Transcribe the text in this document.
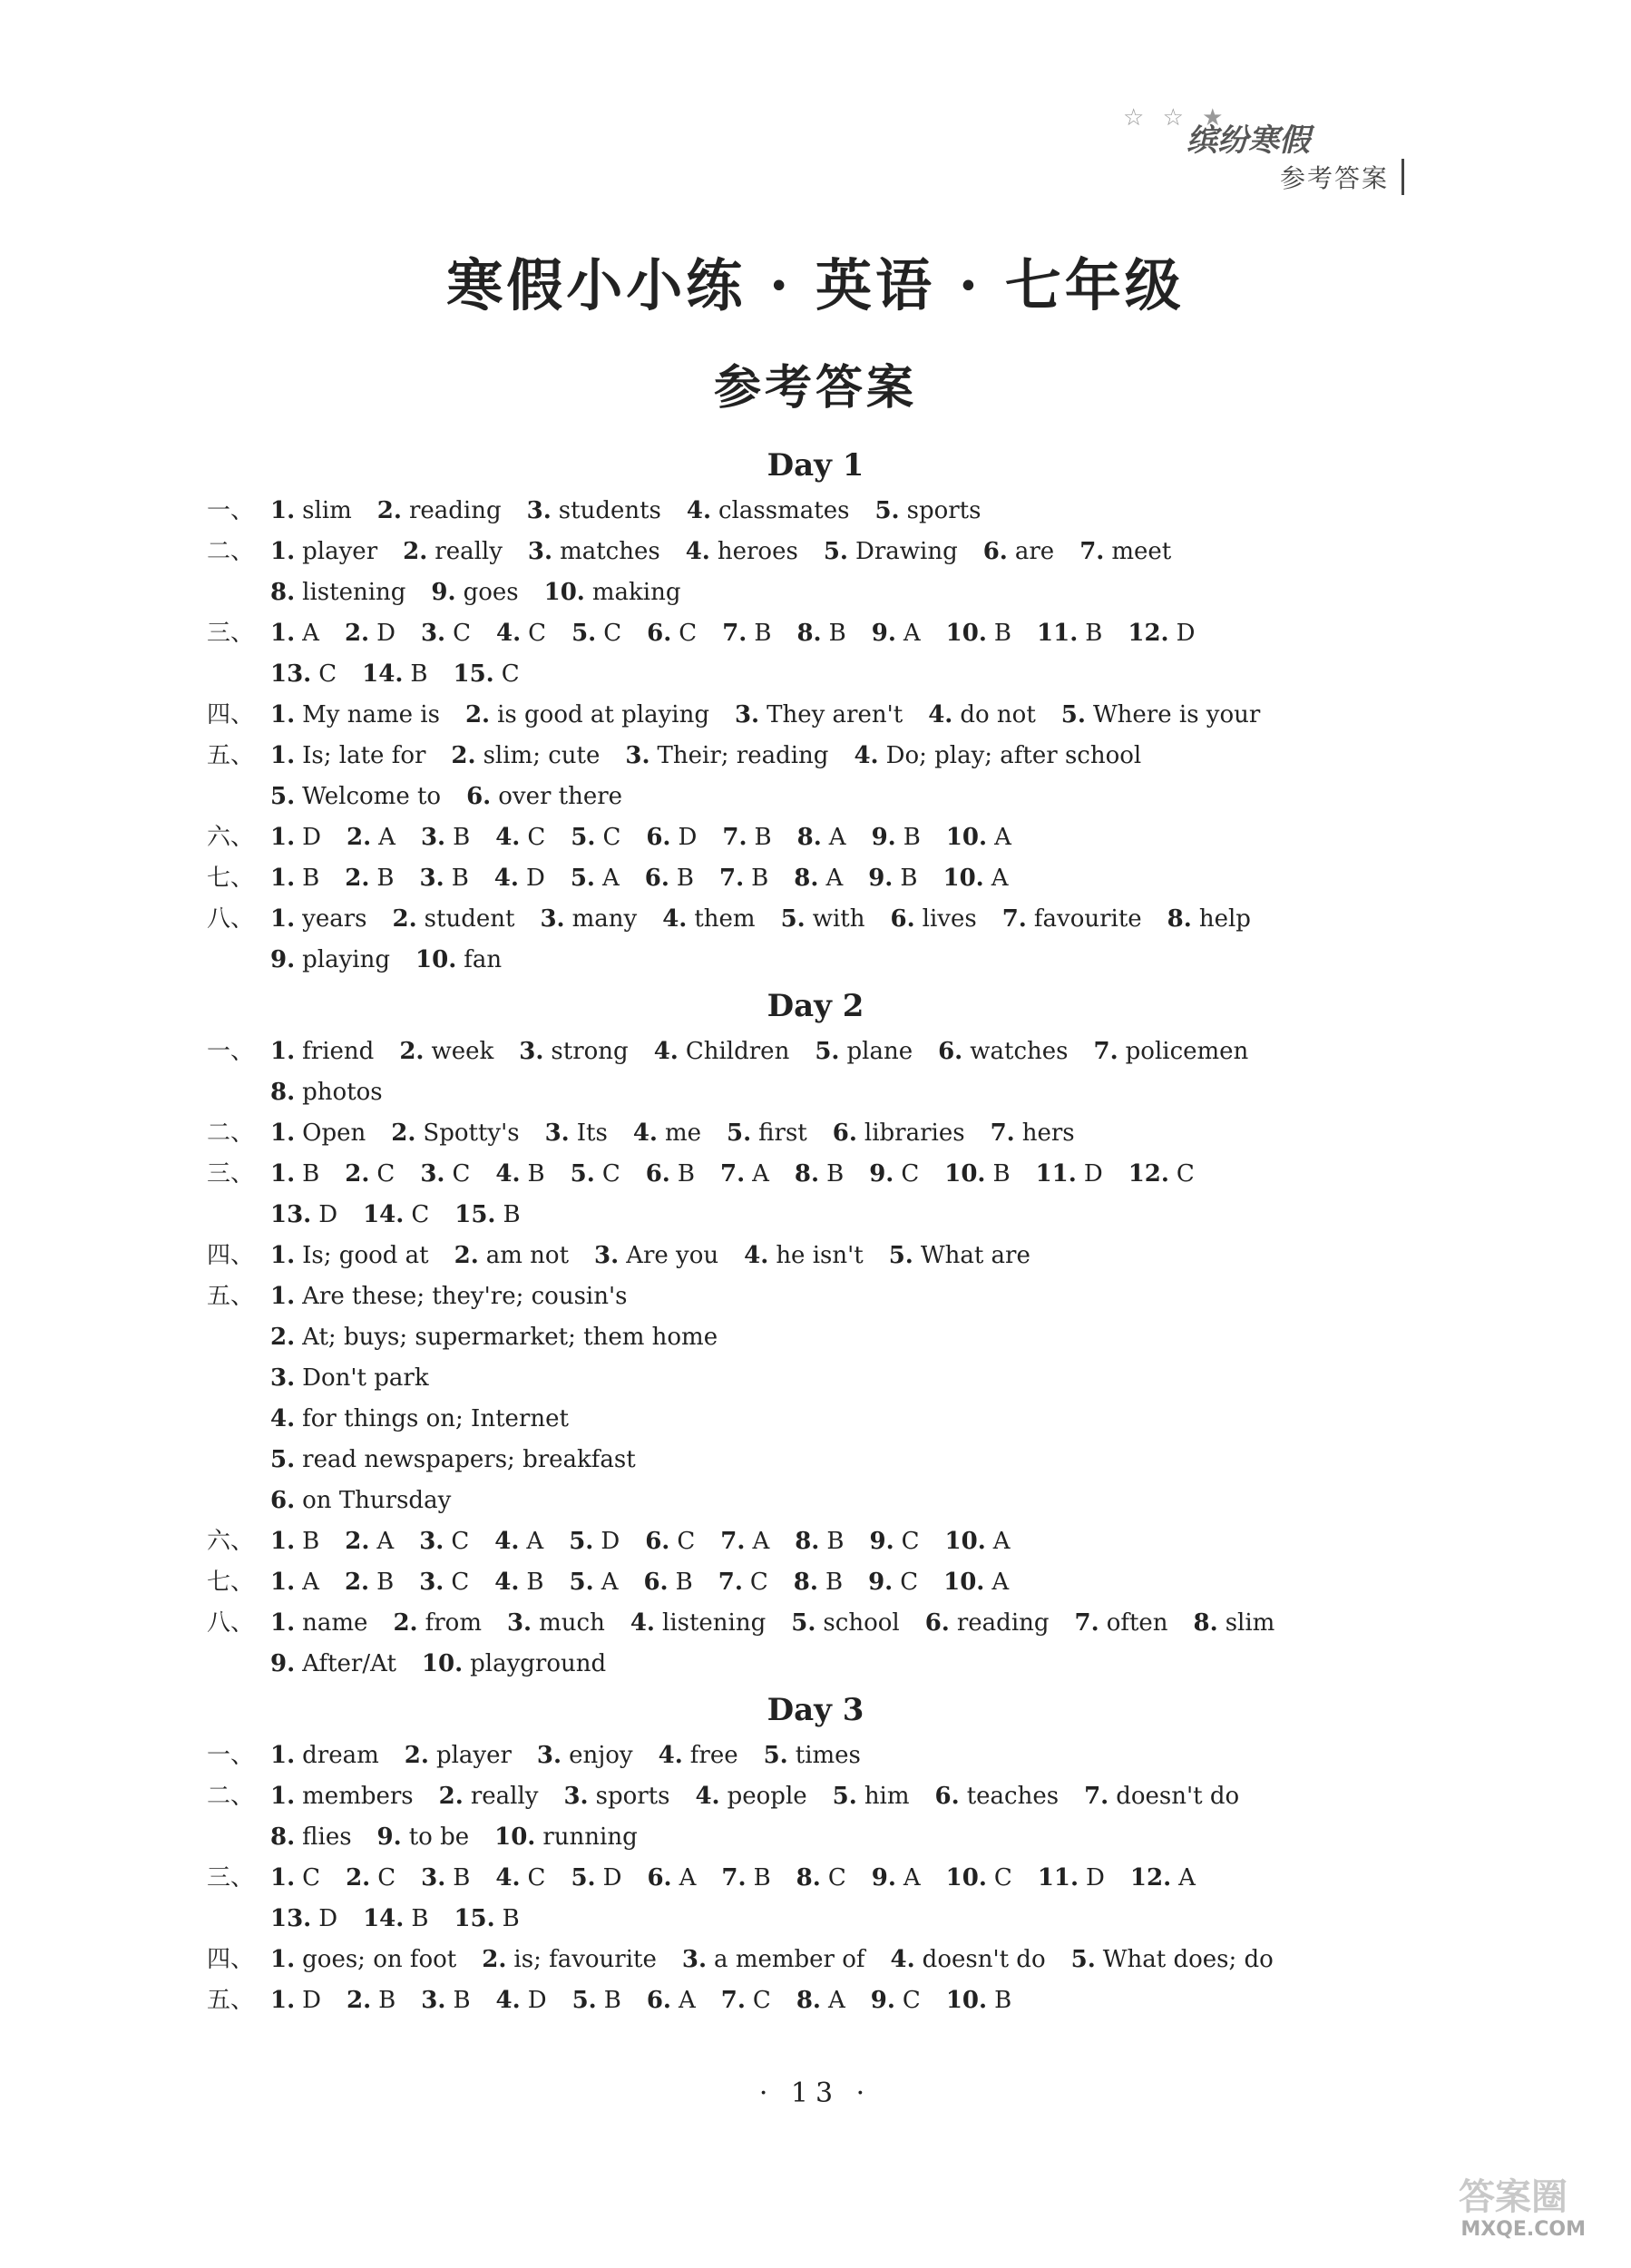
☆ ☆ ★
缤纷寒假
参考答案
寒假小小练 · 英语 · 七年级
参考答案
Day 1
一、 1. slim 2. reading 3. students 4. classmates 5. sports
二、 1. player 2. really 3. matches 4. heroes 5. Drawing 6. are 7. meet
8. listening 9. goes 10. making
三、 1. A 2. D 3. C 4. C 5. C 6. C 7. B 8. B 9. A 10. B 11. B 12. D
13. C 14. B 15. C
四、 1. My name is 2. is good at playing 3. They aren't 4. do not 5. Where is your
五、 1. Is; late for 2. slim; cute 3. Their; reading 4. Do; play; after school
5. Welcome to 6. over there
六、 1. D 2. A 3. B 4. C 5. C 6. D 7. B 8. A 9. B 10. A
七、 1. B 2. B 3. B 4. D 5. A 6. B 7. B 8. A 9. B 10. A
八、 1. years 2. student 3. many 4. them 5. with 6. lives 7. favourite 8. help
9. playing 10. fan
Day 2
一、 1. friend 2. week 3. strong 4. Children 5. plane 6. watches 7. policemen
8. photos
二、 1. Open 2. Spotty's 3. Its 4. me 5. first 6. libraries 7. hers
三、 1. B 2. C 3. C 4. B 5. C 6. B 7. A 8. B 9. C 10. B 11. D 12. C
13. D 14. C 15. B
四、 1. Is; good at 2. am not 3. Are you 4. he isn't 5. What are
五、 1. Are these; they're; cousin's
2. At; buys; supermarket; them home
3. Don't park
4. for things on; Internet
5. read newspapers; breakfast
6. on Thursday
六、 1. B 2. A 3. C 4. A 5. D 6. C 7. A 8. B 9. C 10. A
七、 1. A 2. B 3. C 4. B 5. A 6. B 7. C 8. B 9. C 10. A
八、 1. name 2. from 3. much 4. listening 5. school 6. reading 7. often 8. slim
9. After/At 10. playground
Day 3
一、 1. dream 2. player 3. enjoy 4. free 5. times
二、 1. members 2. really 3. sports 4. people 5. him 6. teaches 7. doesn't do
8. flies 9. to be 10. running
三、 1. C 2. C 3. B 4. C 5. D 6. A 7. B 8. C 9. A 10. C 11. D 12. A
13. D 14. B 15. B
四、 1. goes; on foot 2. is; favourite 3. a member of 4. doesn't do 5. What does; do
五、 1. D 2. B 3. B 4. D 5. B 6. A 7. C 8. A 9. C 10. B
· 13 ·
答案圈
MXQE.COM
